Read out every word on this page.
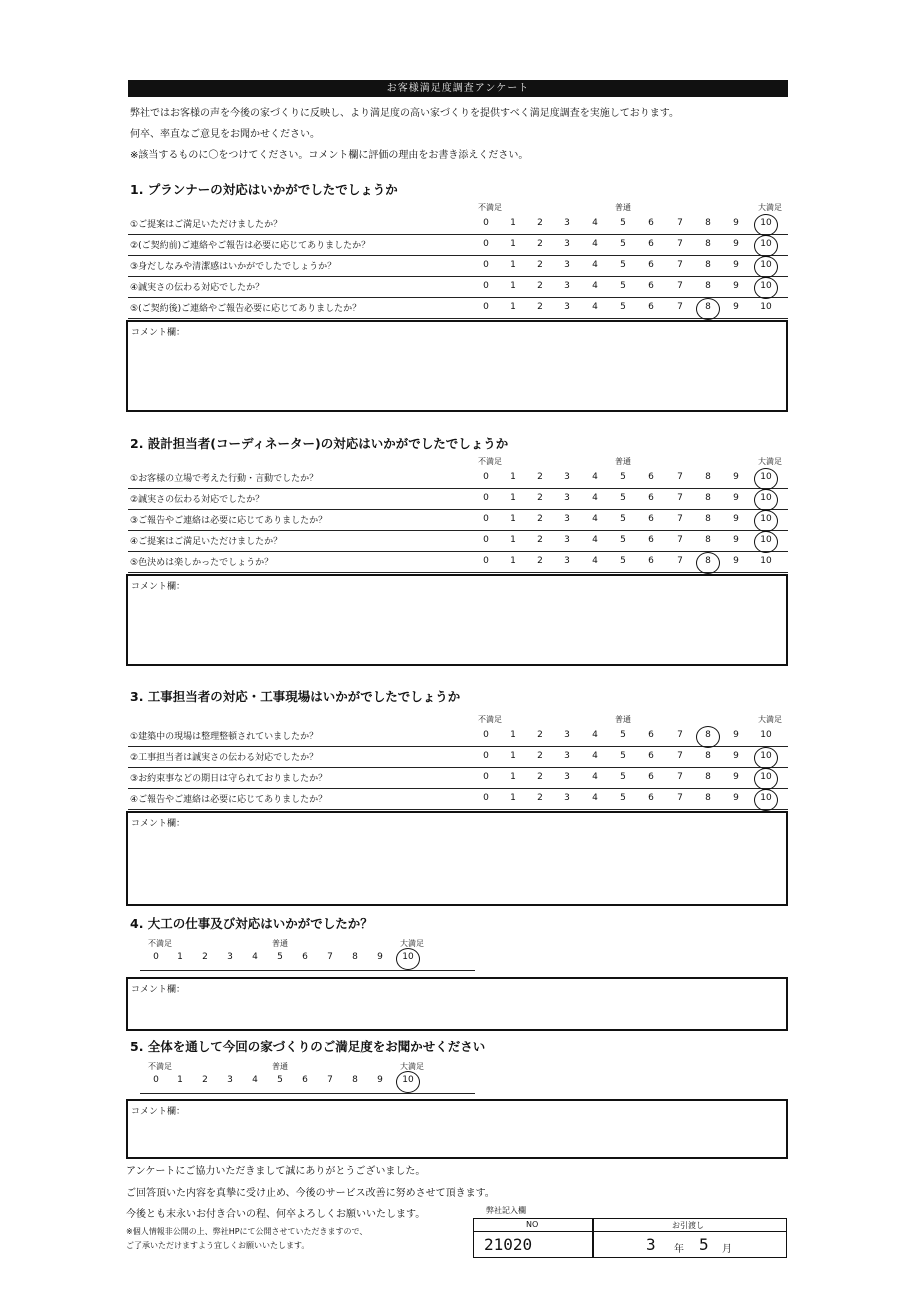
お客様満足度調査アンケート
弊社ではお客様の声を今後の家づくりに反映し、より満足度の高い家づくりを提供すべく満足度調査を実施しております。
何卒、率直なご意見をお聞かせください。
※該当するものに〇をつけてください。コメント欄に評価の理由をお書き添えください。
1. プランナーの対応はいかがでしたでしょうか
不満足	普通	大満足
①ご提案はご満足いただけましたか？	0	1	2	3	4	5	6	7	8	9	10
②(ご契約前)ご連絡やご報告は必要に応じてありましたか？	0	1	2	3	4	5	6	7	8	9	10
③身だしなみや清潔感はいかがでしたでしょうか？	0	1	2	3	4	5	6	7	8	9	10
④誠実さの伝わる対応でしたか？	0	1	2	3	4	5	6	7	8	9	10
⑤(ご契約後)ご連絡やご報告必要に応じてありましたか？	0	1	2	3	4	5	6	7	8	9	10
コメント欄：
2. 設計担当者(コーディネーター)の対応はいかがでしたでしょうか
不満足	普通	大満足
①お客様の立場で考えた行動・言動でしたか？	0	1	2	3	4	5	6	7	8	9	10
②誠実さの伝わる対応でしたか？	0	1	2	3	4	5	6	7	8	9	10
③ご報告やご連絡は必要に応じてありましたか？	0	1	2	3	4	5	6	7	8	9	10
④ご提案はご満足いただけましたか？	0	1	2	3	4	5	6	7	8	9	10
⑤色決めは楽しかったでしょうか？	0	1	2	3	4	5	6	7	8	9	10
コメント欄：
3. 工事担当者の対応・工事現場はいかがでしたでしょうか
不満足	普通	大満足
①建築中の現場は整理整頓されていましたか？	0	1	2	3	4	5	6	7	8	9	10
②工事担当者は誠実さの伝わる対応でしたか？	0	1	2	3	4	5	6	7	8	9	10
③お約束事などの期日は守られておりましたか？	0	1	2	3	4	5	6	7	8	9	10
④ご報告やご連絡は必要に応じてありましたか？	0	1	2	3	4	5	6	7	8	9	10
コメント欄：
4. 大工の仕事及び対応はいかがでしたか？
不満足	普通	大満足
0	1	2	3	4	5	6	7	8	9	10
コメント欄：
5. 全体を通して今回の家づくりのご満足度をお聞かせください
不満足	普通	大満足
0	1	2	3	4	5	6	7	8	9	10
コメント欄：
アンケートにご協力いただきまして誠にありがとうございました。
ご回答頂いた内容を真摯に受け止め、今後のサービス改善に努めさせて頂きます。
今後とも末永いお付き合いの程、何卒よろしくお願いいたします。
※個人情報非公開の上、弊社HPにて公開させていただきますので、
ご了承いただけますよう宜しくお願いいたします。
弊社記入欄
NO	お引渡し
21020	3 年 5 月
